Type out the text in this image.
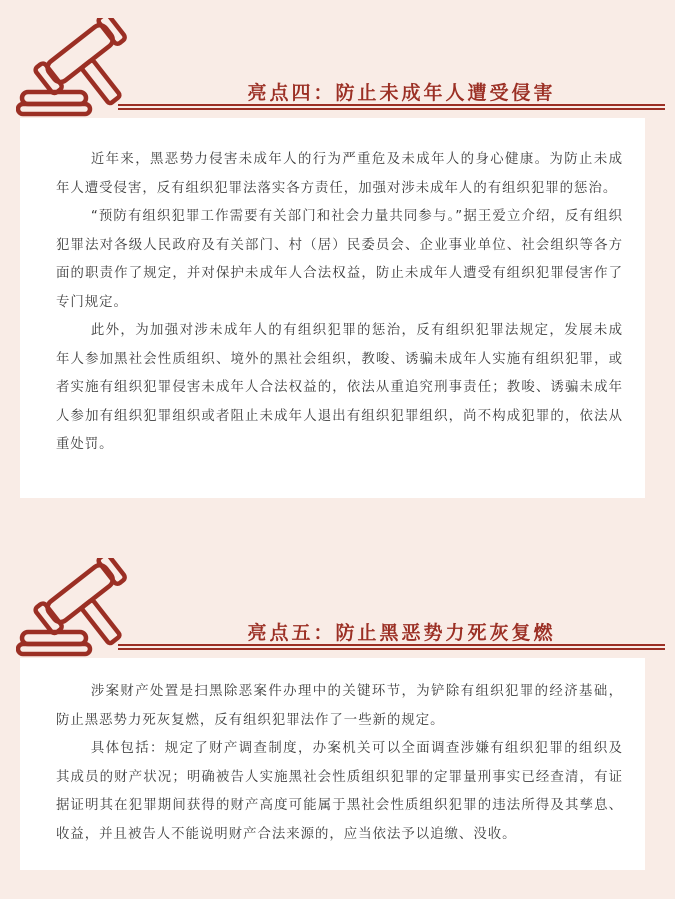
亮点四：防止未成年人遭受侵害

近年来，黑恶势力侵害未成年人的行为严重危及未成年人的身心健康。为防止未成年人遭受侵害，反有组织犯罪法落实各方责任，加强对涉未成年人的有组织犯罪的惩治。

“预防有组织犯罪工作需要有关部门和社会力量共同参与。”据王爱立介绍，反有组织犯罪法对各级人民政府及有关部门、村（居）民委员会、企业事业单位、社会组织等各方面的职责作了规定，并对保护未成年人合法权益，防止未成年人遭受有组织犯罪侵害作了专门规定。

此外，为加强对涉未成年人的有组织犯罪的惩治，反有组织犯罪法规定，发展未成年人参加黑社会性质组织、境外的黑社会组织，教唆、诱骗未成年人实施有组织犯罪，或者实施有组织犯罪侵害未成年人合法权益的，依法从重追究刑事责任；教唆、诱骗未成年人参加有组织犯罪组织或者阻止未成年人退出有组织犯罪组织，尚不构成犯罪的，依法从重处罚。

亮点五：防止黑恶势力死灰复燃

涉案财产处置是扫黑除恶案件办理中的关键环节，为铲除有组织犯罪的经济基础，防止黑恶势力死灰复燃，反有组织犯罪法作了一些新的规定。

具体包括：规定了财产调查制度，办案机关可以全面调查涉嫌有组织犯罪的组织及其成员的财产状况；明确被告人实施黑社会性质组织犯罪的定罪量刑事实已经查清，有证据证明其在犯罪期间获得的财产高度可能属于黑社会性质组织犯罪的违法所得及其孳息、收益，并且被告人不能说明财产合法来源的，应当依法予以追缴、没收。
